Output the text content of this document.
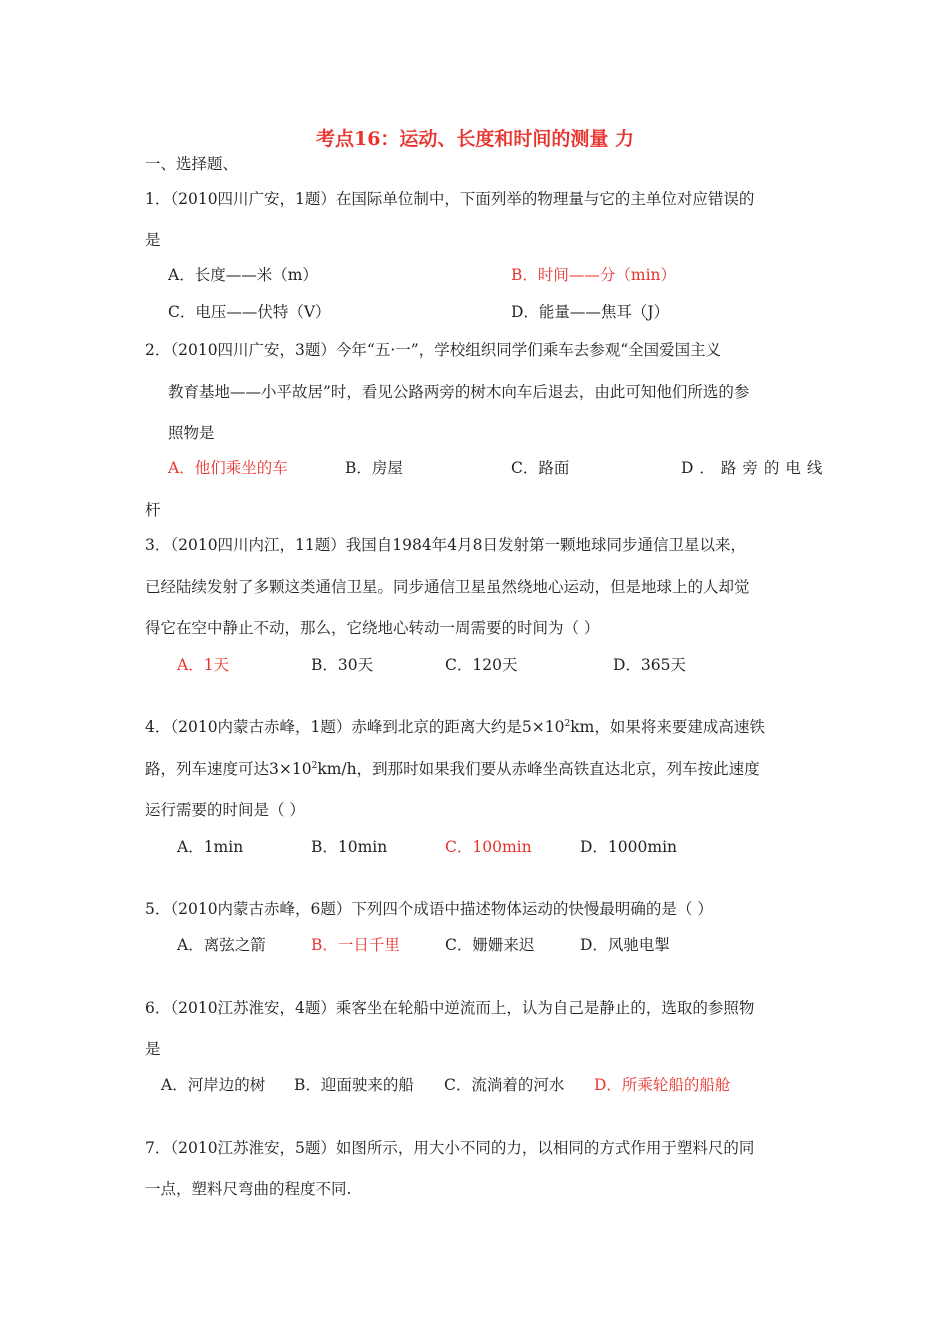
考点16：运动、长度和时间的测量 力
一、选择题、
1．（2010四川广安，1题）在国际单位制中，下面列举的物理量与它的主单位对应错误的
是
A．长度——米（m）	B．时间——分（min）
C．电压——伏特（V）	D．能量——焦耳（J）
2．（2010四川广安，3题）今年“五·一”，学校组织同学们乘车去参观“全国爱国主义
教育基地——小平故居”时，看见公路两旁的树木向车后退去，由此可知他们所选的参
照物是
A．他们乘坐的车	B．房屋	C．路面	D．路旁的电线
杆
3．（2010四川内江，11题）我国自1984年4月8日发射第一颗地球同步通信卫星以来，
已经陆续发射了多颗这类通信卫星。同步通信卫星虽然绕地心运动，但是地球上的人却觉
得它在空中静止不动，那么，它绕地心转动一周需要的时间为（ ）
A．1天	B．30天	C．120天	D．365天
4．（2010内蒙古赤峰，1题）赤峰到北京的距离大约是$5\times 10^2km$，如果将来要建成高速铁
路，列车速度可达$3\times 10^2km/h$，到那时如果我们要从赤峰坐高铁直达北京，列车按此速度
运行需要的时间是（ ）
A．1min	B．10min	C．100min	D．1000min
5．（2010内蒙古赤峰，6题）下列四个成语中描述物体运动的快慢最明确的是（ ）
A．离弦之箭	B．一日千里	C．姗姗来迟	D．风驰电掣
6．（2010江苏淮安，4题）乘客坐在轮船中逆流而上，认为自己是静止的，选取的参照物
是
A．河岸边的树 B．迎面驶来的船 C．流淌着的河水 D．所乘轮船的船舱
7．（2010江苏淮安，5题）如图所示，用大小不同的力，以相同的方式作用于塑料尺的同
一点，塑料尺弯曲的程度不同.
